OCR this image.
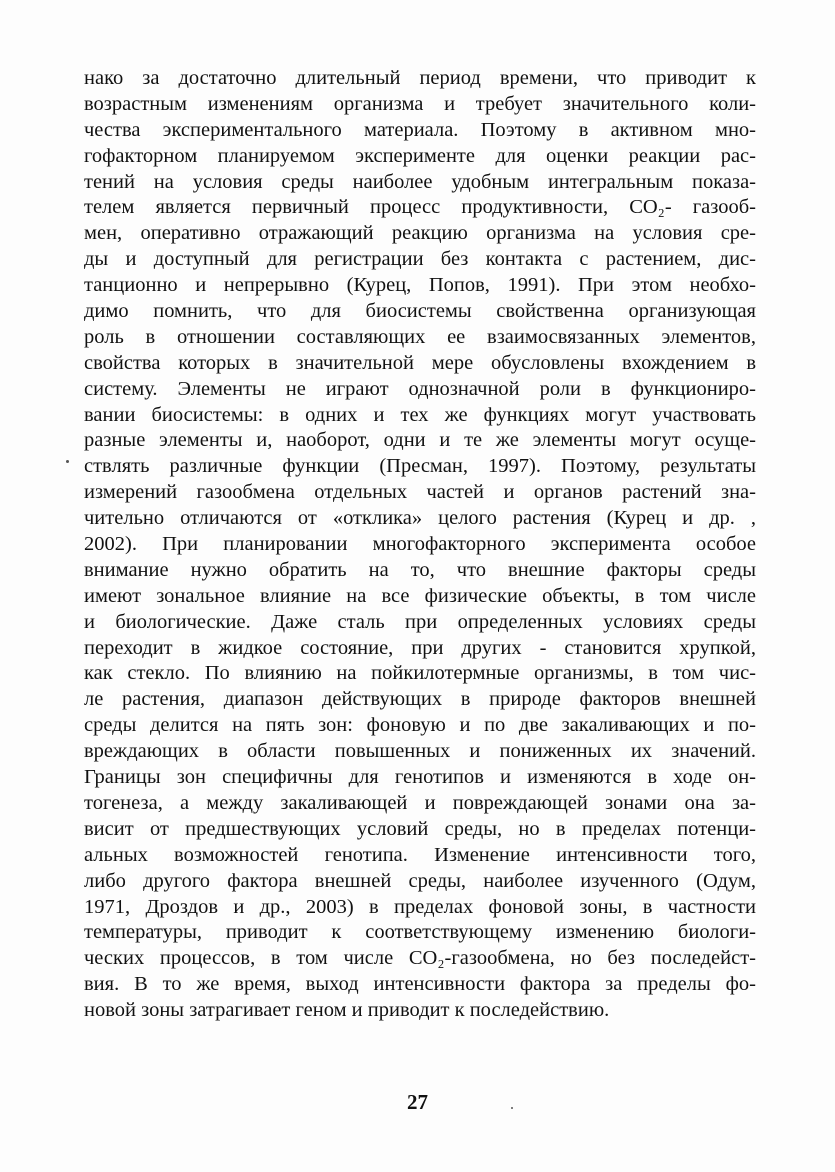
нако за достаточно длительный период времени, что приводит к
возрастным изменениям организма и требует значительного коли-
чества экспериментального материала. Поэтому в активном мно-
гофакторном планируемом эксперименте для оценки реакции рас-
тений на условия среды наиболее удобным интегральным показа-
телем является первичный процесс продуктивности, CO₂- газооб-
мен, оперативно отражающий реакцию организма на условия сре-
ды и доступный для регистрации без контакта с растением, дис-
танционно и непрерывно (Курец, Попов, 1991). При этом необхо-
димо помнить, что для биосистемы свойственна организующая
роль в отношении составляющих ее взаимосвязанных элементов,
свойства которых в значительной мере обусловлены вхождением в
систему. Элементы не играют однозначной роли в функциониро-
вании биосистемы: в одних и тех же функциях могут участвовать
разные элементы и, наоборот, одни и те же элементы могут осуще-
ствлять различные функции (Пресман, 1997). Поэтому, результаты
измерений газообмена отдельных частей и органов растений зна-
чительно отличаются от «отклика» целого растения (Курец и др. ,
2002). При планировании многофакторного эксперимента особое
внимание нужно обратить на то, что внешние факторы среды
имеют зональное влияние на все физические объекты, в том числе
и биологические. Даже сталь при определенных условиях среды
переходит в жидкое состояние, при других - становится хрупкой,
как стекло. По влиянию на пойкилотермные организмы, в том чис-
ле растения, диапазон действующих в природе факторов внешней
среды делится на пять зон: фоновую и по две закаливающих и по-
вреждающих в области повышенных и пониженных их значений.
Границы зон специфичны для генотипов и изменяются в ходе он-
тогенеза, а между закаливающей и повреждающей зонами она за-
висит от предшествующих условий среды, но в пределах потенци-
альных возможностей генотипа. Изменение интенсивности того,
либо другого фактора внешней среды, наиболее изученного (Одум,
1971, Дроздов и др., 2003) в пределах фоновой зоны, в частности
температуры, приводит к соответствующему изменению биологи-
ческих процессов, в том числе CO₂-газообмена, но без последейст-
вия. В то же время, выход интенсивности фактора за пределы фо-
новой зоны затрагивает геном и приводит к последействию.
27
